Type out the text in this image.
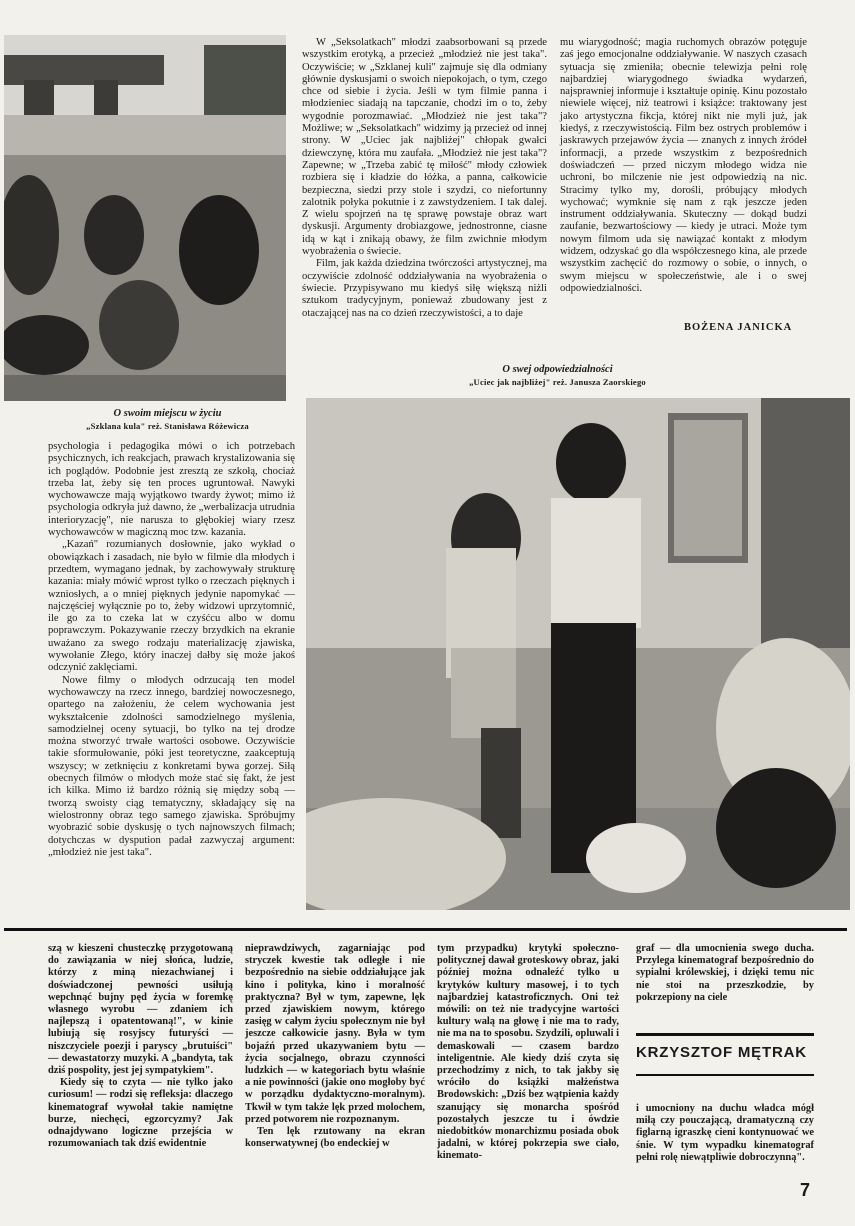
W „Seksolatkach" młodzi zaabsorbowani są przede wszystkim erotyką, a przecież „młodzież nie jest taka". Oczywiście; w „Szklanej kuli" zajmuje się dla odmiany głównie dyskusjami o swoich niepokojach, o tym, czego chce od siebie i życia. Jeśli w tym filmie panna i młodzieniec siadają na tapczanie, chodzi im o to, żeby wygodnie porozmawiać. „Młodzież nie jest taka"? Możliwe; w „Seksolatkach" widzimy ją przecież od innej strony. W „Uciec jak najbliżej" chłopak gwałci dziewczynę, która mu zaufała. „Młodzież nie jest taka"? Zapewne; w „Trzeba zabić tę miłość" młody człowiek rozbiera się i kładzie do łóżka, a panna, całkowicie bezpieczna, siedzi przy stole i szydzi, co niefortunny zalotnik połyka pokutnie i z zawstydzeniem. I tak dalej. Z wielu spojrzeń na tę sprawę powstaje obraz wart dyskusji. Argumenty drobiazgowe, jednostronne, ciasne idą w kąt i znikają obawy, że film zwichnie młodym wyobrażenia o świecie.

Film, jak każda dziedzina twórczości artystycznej, ma oczywiście zdolność oddziaływania na wyobrażenia o świecie. Przypisywano mu kiedyś siłę większą niżli sztukom tradycyjnym, ponieważ zbudowany jest z otaczającej nas na co dzień rzeczywistości, a to daje

mu wiarygodność; magia ruchomych obrazów potęguje zaś jego emocjonalne oddziaływanie. W naszych czasach sytuacja się zmieniła; obecnie telewizja pełni rolę najbardziej wiarygodnego świadka wydarzeń, najsprawniej informuje i kształtuje opinię. Kinu pozostało niewiele więcej, niż teatrowi i książce: traktowany jest jako artystyczna fikcja, której nikt nie myli już, jak kiedyś, z rzeczywistością. Film bez ostrych problemów i jaskrawych przejawów życia — znanych z innych źródeł informacji, a przede wszystkim z bezpośrednich doświadczeń — przed niczym młodego widza nie uchroni, bo milczenie nie jest odpowiedzią na nic. Stracimy tylko my, dorośli, próbujący młodych wychować; wymknie się nam z rąk jeszcze jeden instrument oddziaływania. Skuteczny — dokąd budzi zaufanie, bezwartościowy — kiedy je utraci. Może tym nowym filmom uda się nawiązać kontakt z młodym widzem, odzyskać go dla współczesnego kina, ale przede wszystkim zachęcić do rozmowy o sobie, o innych, o swym miejscu w społeczeństwie, ale i o swej odpowiedzialności.

BOŻENA JANICKA
O swej odpowiedzialności
„Uciec jak najbliżej" reż. Janusza Zaorskiego
O swoim miejscu w życiu
„Szklana kula" reż. Stanisława Różewicza

psychologia i pedagogika mówi o ich potrzebach psychicznych, ich reakcjach, prawach krystalizowania się ich poglądów. Podobnie jest zresztą ze szkołą, chociaż trzeba lat, żeby się ten proces ugruntował. Nawyki wychowawcze mają wyjątkowo twardy żywot; mimo iż psychologia odkryła już dawno, że „werbalizacja utrudnia interioryzację", nie narusza to głębokiej wiary rzesz wychowawców w magiczną moc tzw. kazania.

„Kazań" rozumianych dosłownie, jako wykład o obowiązkach i zasadach, nie było w filmie dla młodych i przedtem, wymagano jednak, by zachowywały strukturę kazania: miały mówić wprost tylko o rzeczach pięknych i wzniosłych, a o mniej pięknych jedynie napomykać — najczęściej wyłącznie po to, żeby widzowi uprzytomnić, ile go za to czeka lat w czyśćcu albo w domu poprawczym. Pokazywanie rzeczy brzydkich na ekranie uważano za swego rodzaju materializację zjawiska, wywołanie Złego, który inaczej dałby się może jakoś odczynić zaklęciami.

Nowe filmy o młodych odrzucają ten model wychowawczy na rzecz innego, bardziej nowoczesnego, opartego na założeniu, że celem wychowania jest wykształcenie zdolności samodzielnego myślenia, samodzielnej oceny sytuacji, bo tylko na tej drodze można stworzyć trwałe wartości osobowe. Oczywiście takie sformułowanie, póki jest teoretyczne, zaakceptują wszyscy; w zetknięciu z konkretami bywa gorzej. Siłą obecnych filmów o młodych może stać się fakt, że jest ich kilka. Mimo iż bardzo różnią się między sobą — tworzą swoisty ciąg tematyczny, składający się na wielostronny obraz tego samego zjawiska. Spróbujmy wyobrazić sobie dyskusję o tych najnowszych filmach; dotychczas w dyspution padał zazwyczaj argument: „młodzież nie jest taka".

szą w kieszeni chusteczkę przygotowaną do zawiązania w niej słońca, ludzie, którzy z miną niezachwianej i doświadczonej pewności usiłują wepchnąć bujny pęd życia w foremkę własnego wyrobu — zdaniem ich najlepszą i opatentowaną!", w kinie lubiują się rosyjscy futuryści — niszczyciele poezji i paryscy „brutuiści" — dewastatorzy muzyki. A „bandyta, tak dziś pospolity, jest jej sympatykiem".

Kiedy się to czyta — nie tylko jako curiosum! — rodzi się refleksja: dlaczego kinematograf wywołał takie namiętne burze, niechęci, egzorcyzmy? Jak odnajdywano logiczne przejścia w rozumowaniach tak dziś ewidentnie

nieprawdziwych, zagarniając pod stryczek kwestie tak odległe i nie bezpośrednio na siebie oddziałujące jak kino i polityka, kino i moralność praktyczna? Był w tym, zapewne, lęk przed zjawiskiem nowym, którego zasięg w całym życiu społecznym nie był jeszcze całkowicie jasny. Była w tym bojaźń przed ukazywaniem bytu — życia socjalnego, obrazu czynności ludzkich — w kategoriach bytu właśnie a nie powinności (jakie ono mogłoby być w porządku dydaktyczno-moralnym). Tkwił w tym także lęk przed molochem, przed potworem nie rozpoznanym.

Ten lęk rzutowany na ekran konserwatywnej (bo endeckiej w

tym przypadku) krytyki społeczno-politycznej dawał groteskowy obraz, jaki później można odnaleźć tylko u krytyków kultury masowej, i to tych najbardziej katastroficznych. Oni też mówili: on też nie tradycyjne wartości kultury walą na głowę i nie ma to rady, nie ma na to sposobu. Szydzili, opluwali i demaskowali — czasem bardzo inteligentnie. Ale kiedy dziś czyta się przechodzimy z nich, to tak jakby się wróciło do książki małżeństwa Brodowskich: „Dziś bez wątpienia każdy szanujący się monarcha spośród pozostałych jeszcze tu i ówdzie niedobitków monarchizmu posiada obok jadalni, w której pokrzepia swe ciało, kinemato-

graf — dla umocnienia swego ducha. Przylega kinematograf bezpośrednio do sypialni królewskiej, i dzięki temu nic nie stoi na przeszkodzie, by pokrzepiony na ciele

KRZYSZTOF MĘTRAK

i umocniony na duchu władca mógł miłą czy pouczającą, dramatyczną czy figlarną igraszkę cieni kontynuować we śnie. W tym wypadku kinematograf pełni rolę niewątpliwie dobroczynną".

7
